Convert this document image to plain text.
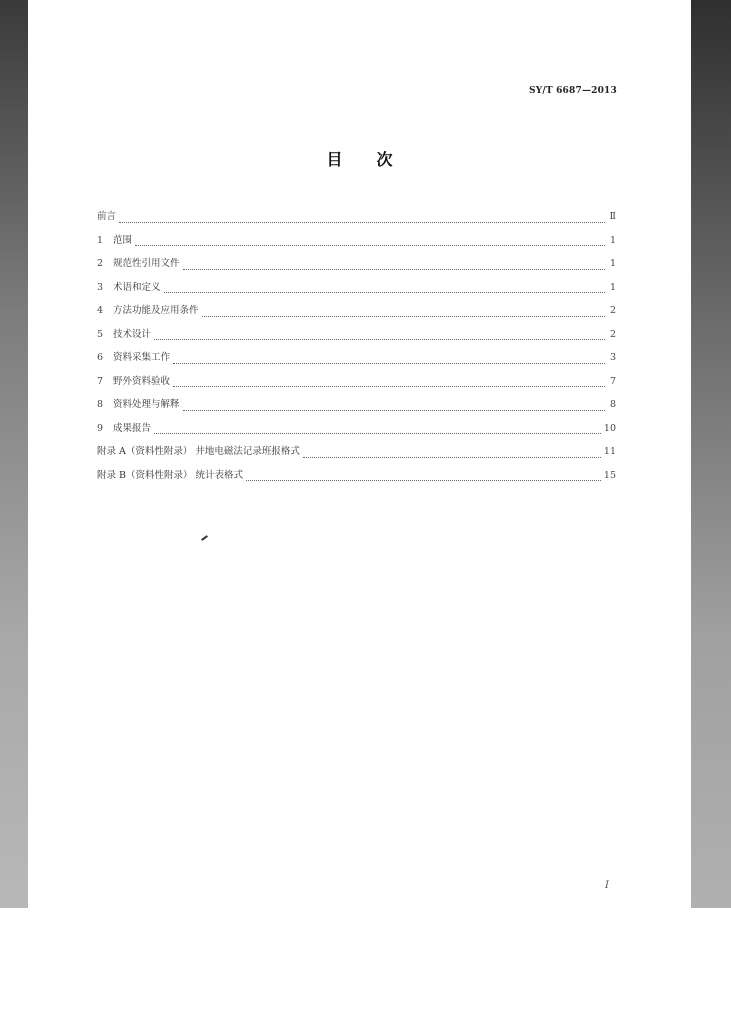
SY/T 6687—2013
目 次
前言	Ⅱ
1	范围	1
2	规范性引用文件	1
3	术语和定义	1
4	方法功能及应用条件	2
5	技术设计	2
6	资料采集工作	3
7	野外资料验收	7
8	资料处理与解释	8
9	成果报告	10
附录 A（资料性附录） 井地电磁法记录班报格式	11
附录 B（资料性附录） 统计表格式	15
I
